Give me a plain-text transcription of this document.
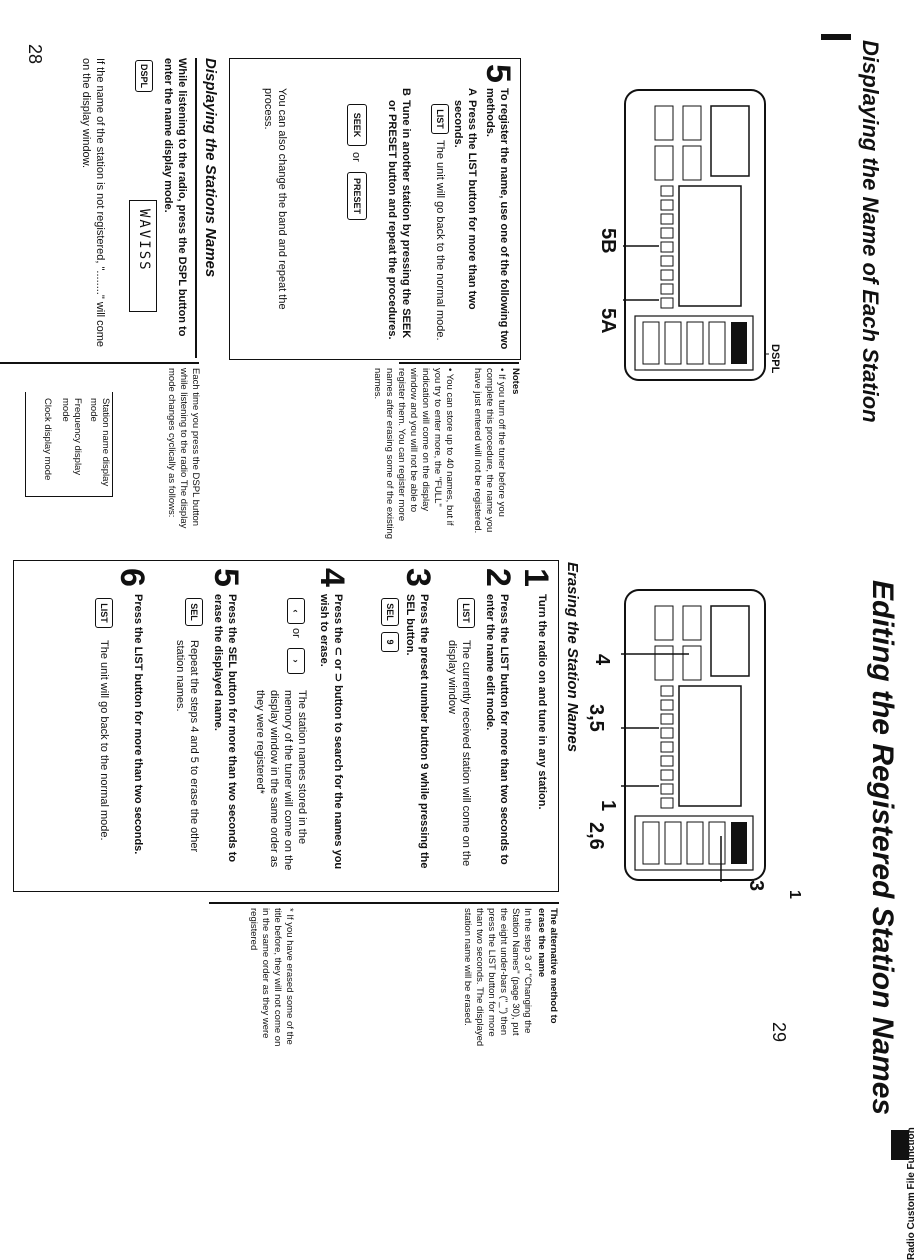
Displaying the Name of Each Station
28
DSPL
5B
5A
5
To register the name, use one of the following two methods.
A
Press the LIST button for more than two seconds.
LIST
The unit will go back to the normal mode.
B
Tune in another station by pressing the SEEK or PRESET button and repeat the procedures.
SEEK
or
PRESET
You can also change the band and repeat the process.
Notes
• If you turn off the tuner before you complete this procedure, the name you have just entered will not be registered.
• You can store up to 40 names, but if you try to enter more, the "FULL" indication will come on the display window and you will not be able to register them. You can register more names after erasing some of the existing names.
Displaying the Stations Names
While listening to the radio, press the DSPL button to enter the name display mode.
DSPL
WAVISS
If the name of the station is not registered, "........" will come on the display window.
Each time you press the DSPL button while listening to the radio The display mode changes cyclically as follows:
Station name display mode
Frequency display mode
Clock display mode
Editing the Registered Station Names
29
4
3,5
1
2,6
3
1
Erasing the Station Names
1
Turn the radio on and tune in any station.
2
Press the LIST button for more than two seconds to enter the name edit mode.
LIST
The currently received station will come on the display window
3
Press the preset number button 9 while pressing the SEL button.
SEL
9
4
Press the ⊂ or ⊃ button to search for the names you wish to erase.
‹
or
›
The station names stored in the memory of the tuner will come on the display window in the same order as they were registered*
5
Press the SEL button for more than two seconds to erase the displayed name.
SEL
Repeat the steps 4 and 5 to erase the other station names.
6
Press the LIST button for more than two seconds.
LIST
The unit will go back to the normal mode.
The alternative method to erase the name
In the step 3 of "Changing the Station Names" (page 30), put the eight under-bars ("_") then press the LIST button for more than two seconds. The displayed station name will be erased.
* If you have erased some of the title before, they will not come on in the same order as they were registered
Radio Custom File Function
